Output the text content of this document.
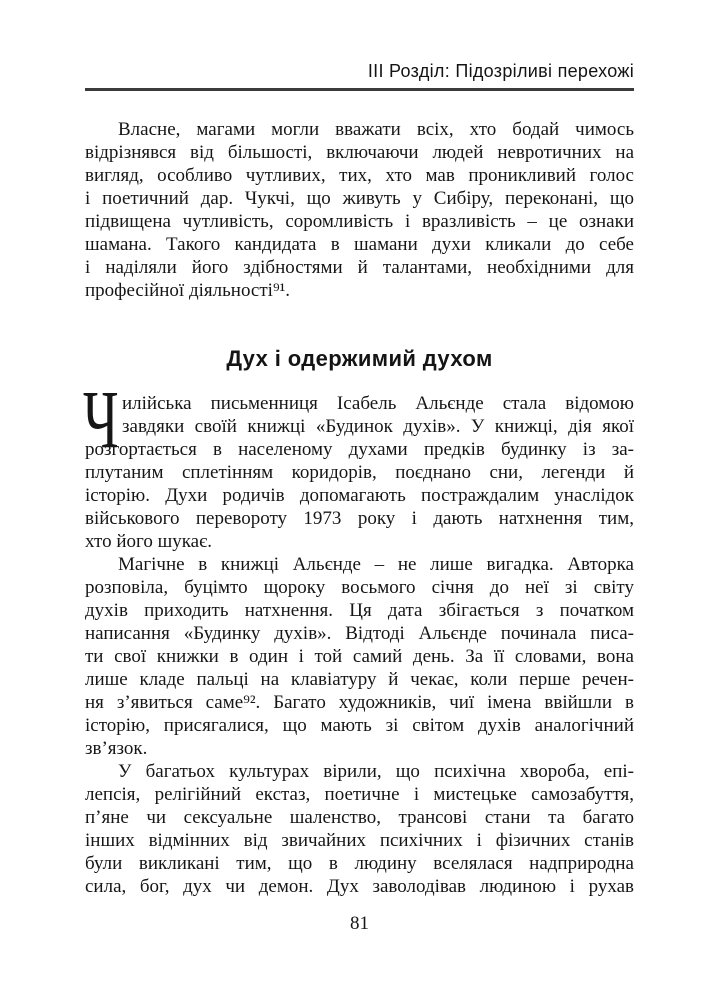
ІІІ Розділ: Підозріливі перехожі
Власне, магами могли вважати всіх, хто бодай чимось
відрізнявся від більшості, включаючи людей невротичних на
вигляд, особливо чутливих, тих, хто мав проникливий голос
і поетичний дар. Чукчі, що живуть у Сибіру, переконані, що
підвищена чутливість, соромливість і вразливість – це ознаки
шамана. Такого кандидата в шамани духи кликали до себе
і наділяли його здібностями й талантами, необхідними для
професійної діяльності⁹¹.
Дух і одержимий духом
Ч илійська письменниця Ісабель Альєнде стала відомою
завдяки своїй книжці «Будинок духів». У книжці, дія якої
розгортається в населеному духами предків будинку із за-
плутаним сплетінням коридорів, поєднано сни, легенди й
історію. Духи родичів допомагають постраждалим унаслідок
військового перевороту 1973 року і дають натхнення тим,
хто його шукає.
Магічне в книжці Альєнде – не лише вигадка. Авторка
розповіла, буцімто щороку восьмого січня до неї зі світу
духів приходить натхнення. Ця дата збігається з початком
написання «Будинку духів». Відтоді Альєнде починала писа-
ти свої книжки в один і той самий день. За її словами, вона
лише кладе пальці на клавіатуру й чекає, коли перше речен-
ня з’явиться саме⁹². Багато художників, чиї імена ввійшли в
історію, присягалися, що мають зі світом духів аналогічний
зв’язок.
У багатьох культурах вірили, що психічна хвороба, епі-
лепсія, релігійний екстаз, поетичне і мистецьке самозабуття,
п’яне чи сексуальне шаленство, трансові стани та багато
інших відмінних від звичайних психічних і фізичних станів
були викликані тим, що в людину вселялася надприродна
сила, бог, дух чи демон. Дух заволодівав людиною і рухав
81
